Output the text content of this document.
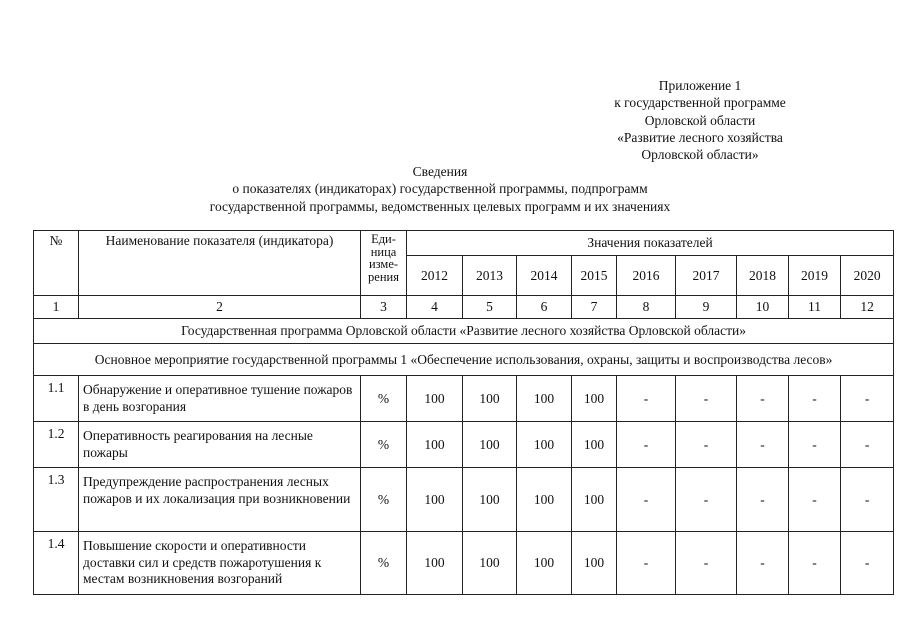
Приложение 1
к государственной программе
Орловской области
«Развитие лесного хозяйства
Орловской области»
Сведения
о показателях (индикаторах) государственной программы, подпрограмм
государственной программы, ведомственных целевых программ и их значениях
№	Наименование показателя (индикатора)	Еди-ница изме-рения	Значения показателей								
			2012	2013	2014	2015	2016	2017	2018	2019	2020
1	2	3	4	5	6	7	8	9	10	11	12
Государственная программа Орловской области «Развитие лесного хозяйства Орловской области»											
Основное мероприятие государственной программы 1 «Обеспечение использования, охраны, защиты и воспроизводства лесов»											
1.1	Обнаружение и оперативное тушение пожаров в день возгорания	%	100	100	100	100	-	-	-	-	-
1.2	Оперативность реагирования на лесные пожары	%	100	100	100	100	-	-	-	-	-
1.3	Предупреждение распространения лесных пожаров и их локализация при возникновении	%	100	100	100	100	-	-	-	-	-
1.4	Повышение скорости и оперативности доставки сил и средств пожаротушения к местам возникновения возгораний	%	100	100	100	100	-	-	-	-	-
